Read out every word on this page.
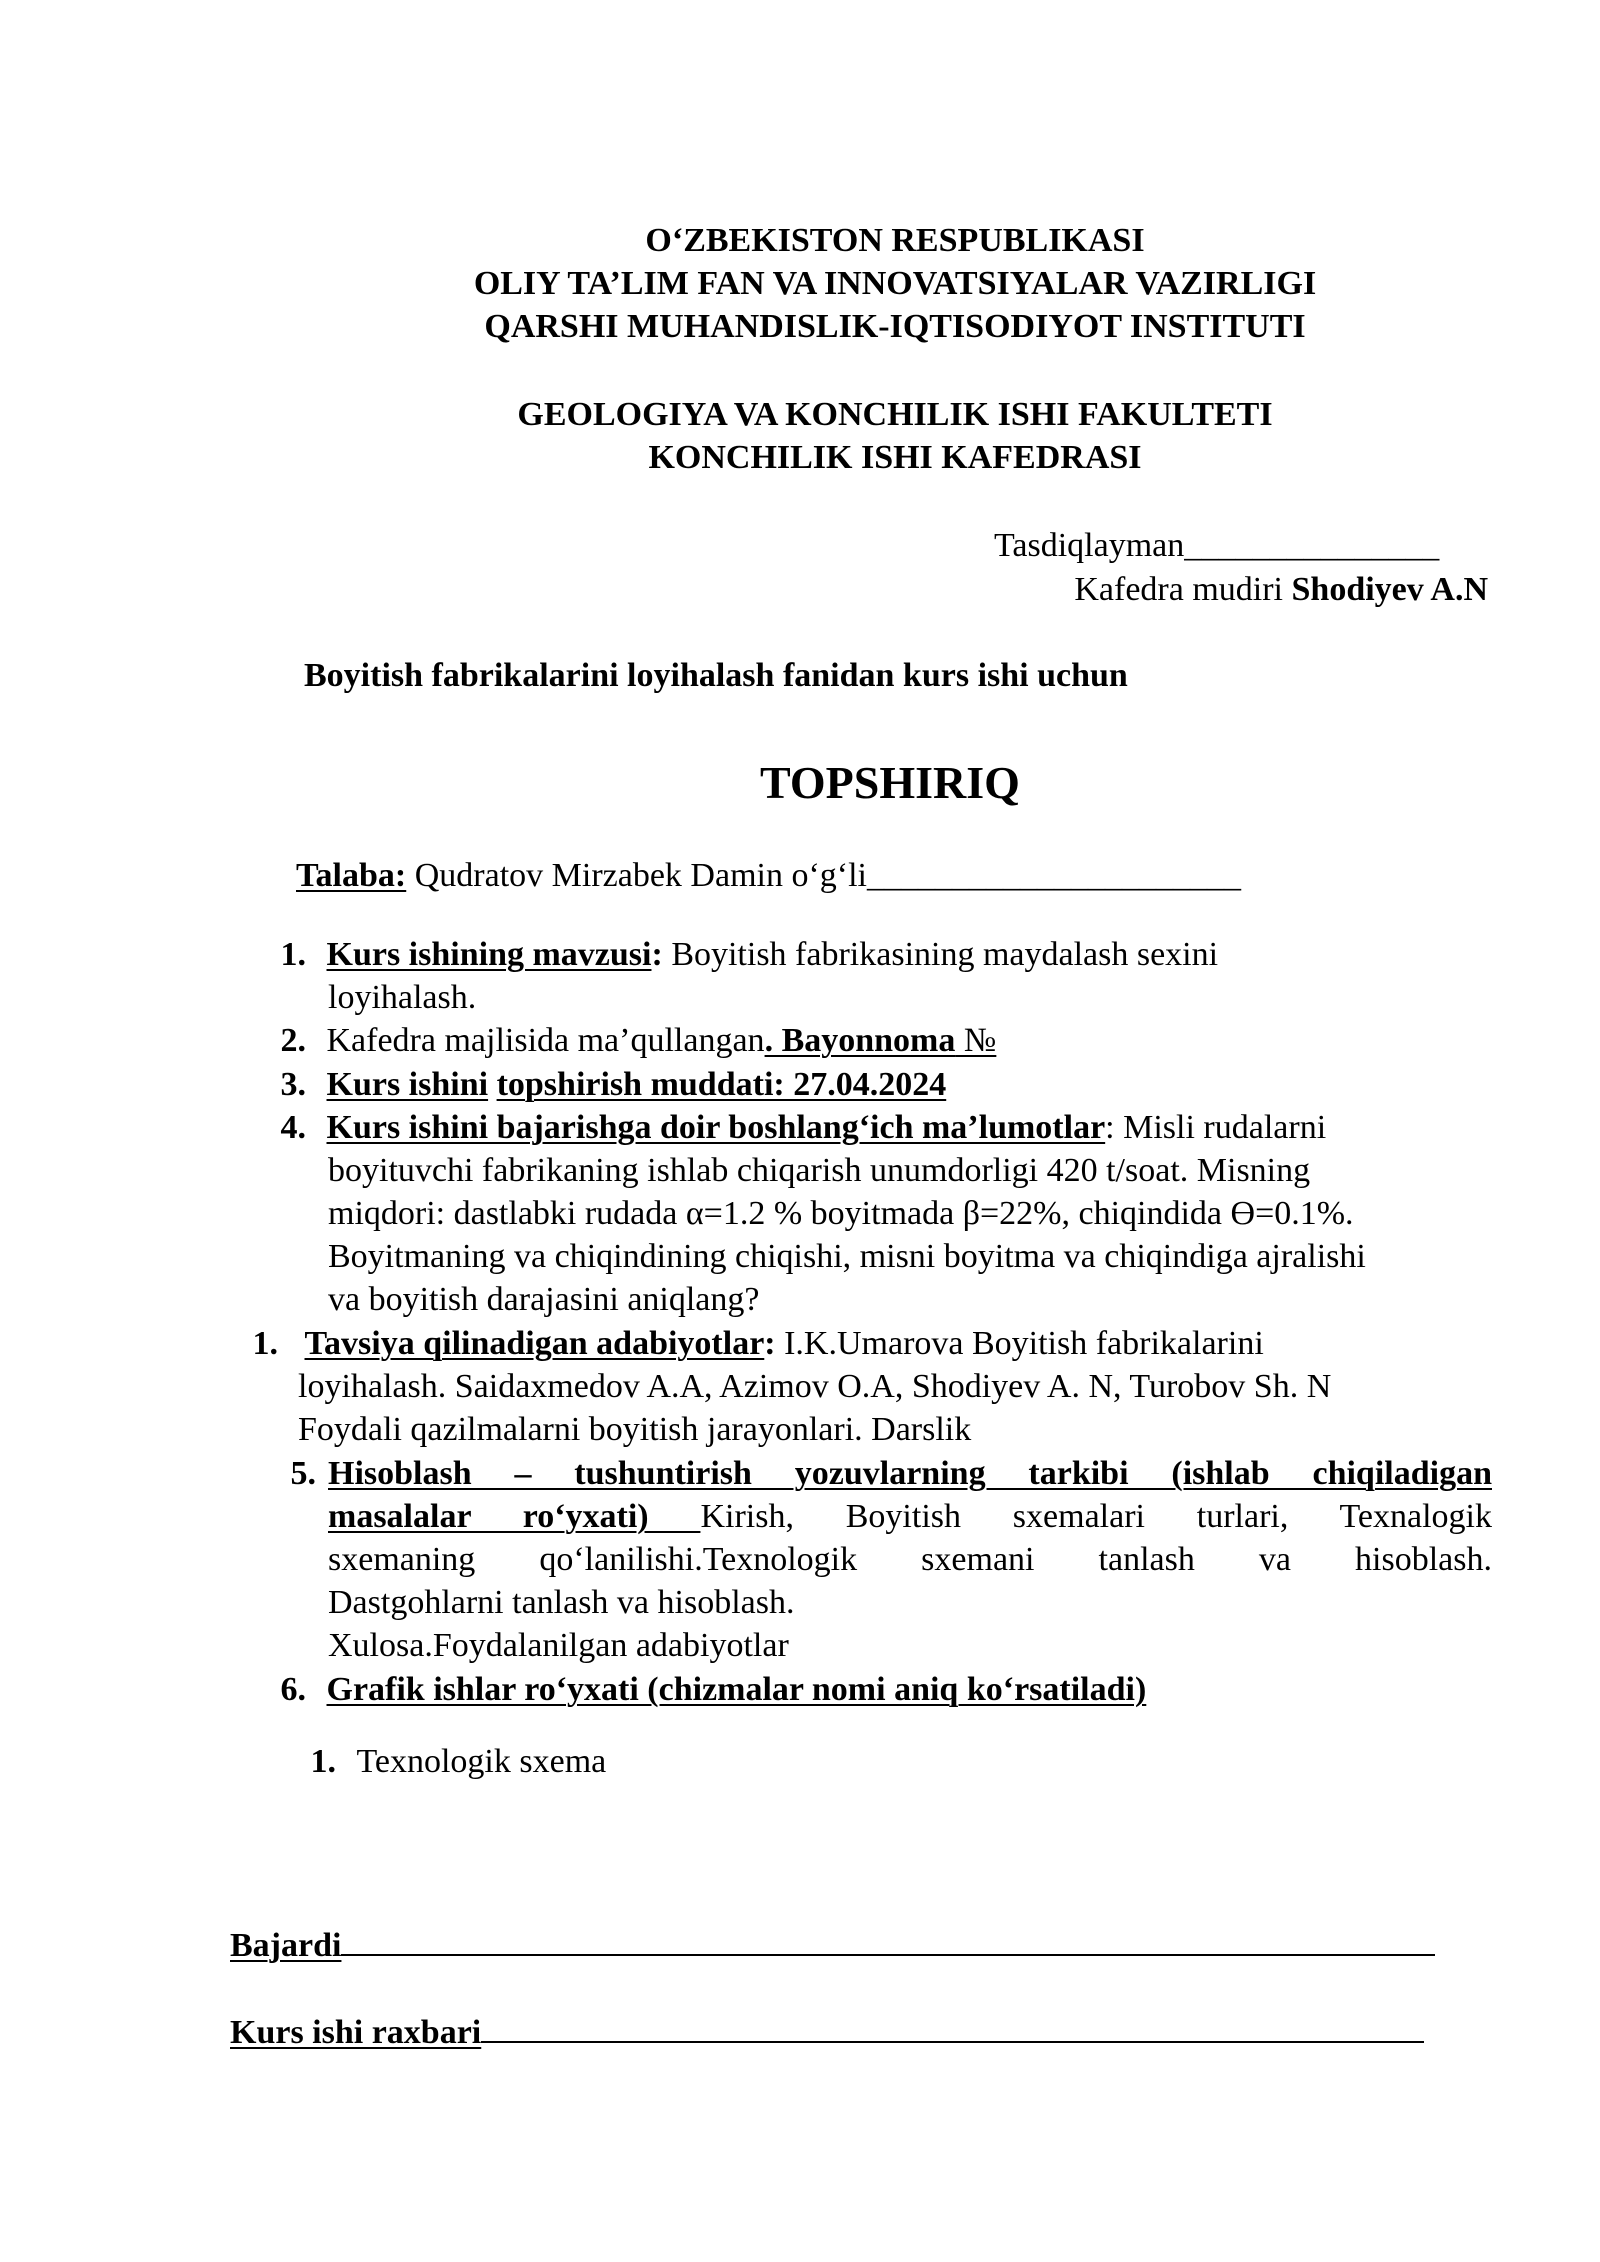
O‘ZBEKISTON RESPUBLIKASI
OLIY TA’LIM FAN VA INNOVATSIYALAR VAZIRLIGI
QARSHI MUHANDISLIK-IQTISODIYOT INSTITUTI
GEOLOGIYA VA KONCHILIK ISHI FAKULTETI
KONCHILIK ISHI KAFEDRASI
Tasdiqlayman_______________
Kafedra mudiri Shodiyev A.N
Boyitish fabrikalarini loyihalash fanidan kurs ishi uchun
TOPSHIRIQ
Talaba: Qudratov Mirzabek Damin o‘g‘li______________________
1. Kurs ishining mavzusi: Boyitish fabrikasining maydalash sexini
loyihalash.
2. Kafedra majlisida ma’qullangan. Bayonnoma №
3. Kurs ishini topshirish muddati: 27.04.2024
4. Kurs ishini bajarishga doir boshlang‘ich ma’lumotlar: Misli rudalarni
boyituvchi fabrikaning ishlab chiqarish unumdorligi 420 t/soat. Misning
miqdori: dastlabki rudada α=1.2 % boyitmada β=22%, chiqindida ϴ=0.1%.
Boyitmaning va chiqindining chiqishi, misni boyitma va chiqindiga ajralishi
va boyitish darajasini aniqlang?
1. Tavsiya qilinadigan adabiyotlar: I.K.Umarova Boyitish fabrikalarini
loyihalash. Saidaxmedov A.A, Azimov O.A, Shodiyev A. N, Turobov Sh. N
Foydali qazilmalarni boyitish jarayonlari. Darslik
5. Hisoblash – tushuntirish yozuvlarning tarkibi (ishlab chiqiladigan
masalalar ro‘yxati) Kirish, Boyitish sxemalari turlari, Texnalogik
sxemaning qo‘lanilishi.Texnologik sxemani tanlash va hisoblash.
Dastgohlarni tanlash va hisoblash.
Xulosa.Foydalanilgan adabiyotlar
6. Grafik ishlar ro‘yxati (chizmalar nomi aniq ko‘rsatiladi)
1. Texnologik sxema
Bajardi
Kurs ishi raxbari
